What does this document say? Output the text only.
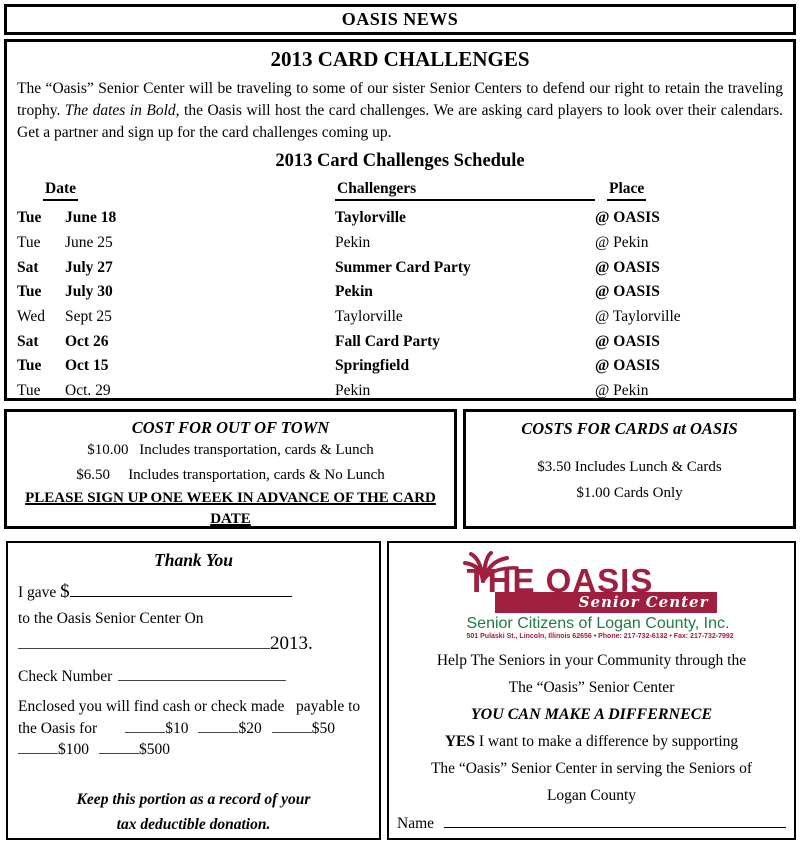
OASIS NEWS
2013 CARD CHALLENGES

The “Oasis” Senior Center will be traveling to some of our sister Senior Centers to defend our right to retain the traveling trophy. The dates in Bold, the Oasis will host the card challenges. We are asking card players to look over their calendars. Get a partner and sign up for the card challenges coming up.

2013 Card Challenges Schedule
Date	Challengers	Place
Tue	June 18	Taylorville	@ OASIS
Tue	June 25	Pekin	@ Pekin
Sat	July 27	Summer Card Party	@ OASIS
Tue	July 30	Pekin	@ OASIS
Wed	Sept 25	Taylorville	@ Taylorville
Sat	Oct 26	Fall Card Party	@ OASIS
Tue	Oct 15	Springfield	@ OASIS
Tue	Oct. 29	Pekin	@ Pekin
COST FOR OUT OF TOWN
$10.00 Includes transportation, cards & Lunch
$6.50 Includes transportation, cards & No Lunch
PLEASE SIGN UP ONE WEEK IN ADVANCE OF THE CARD
DATE
COSTS FOR CARDS at OASIS
$3.50 Includes Lunch & Cards
$1.00 Cards Only
Thank You
I gave $
to the Oasis Senior Center On
2013.
Check Number
Enclosed you will find cash or check made   payable to
the Oasis for	$10	$20	$50
$100	$500
Keep this portion as a record of your
tax deductible donation.
THE OASIS
Senior Center
Senior Citizens of Logan County, Inc.
501 Pulaski St., Lincoln, Illinois 62656 • Phone: 217-732-6132 • Fax: 217-732-7992
Help The Seniors in your Community through the
The “Oasis” Senior Center
YOU CAN MAKE A DIFFERNECE
YES I want to make a difference by supporting
The “Oasis” Senior Center in serving the Seniors of
Logan County
Name
